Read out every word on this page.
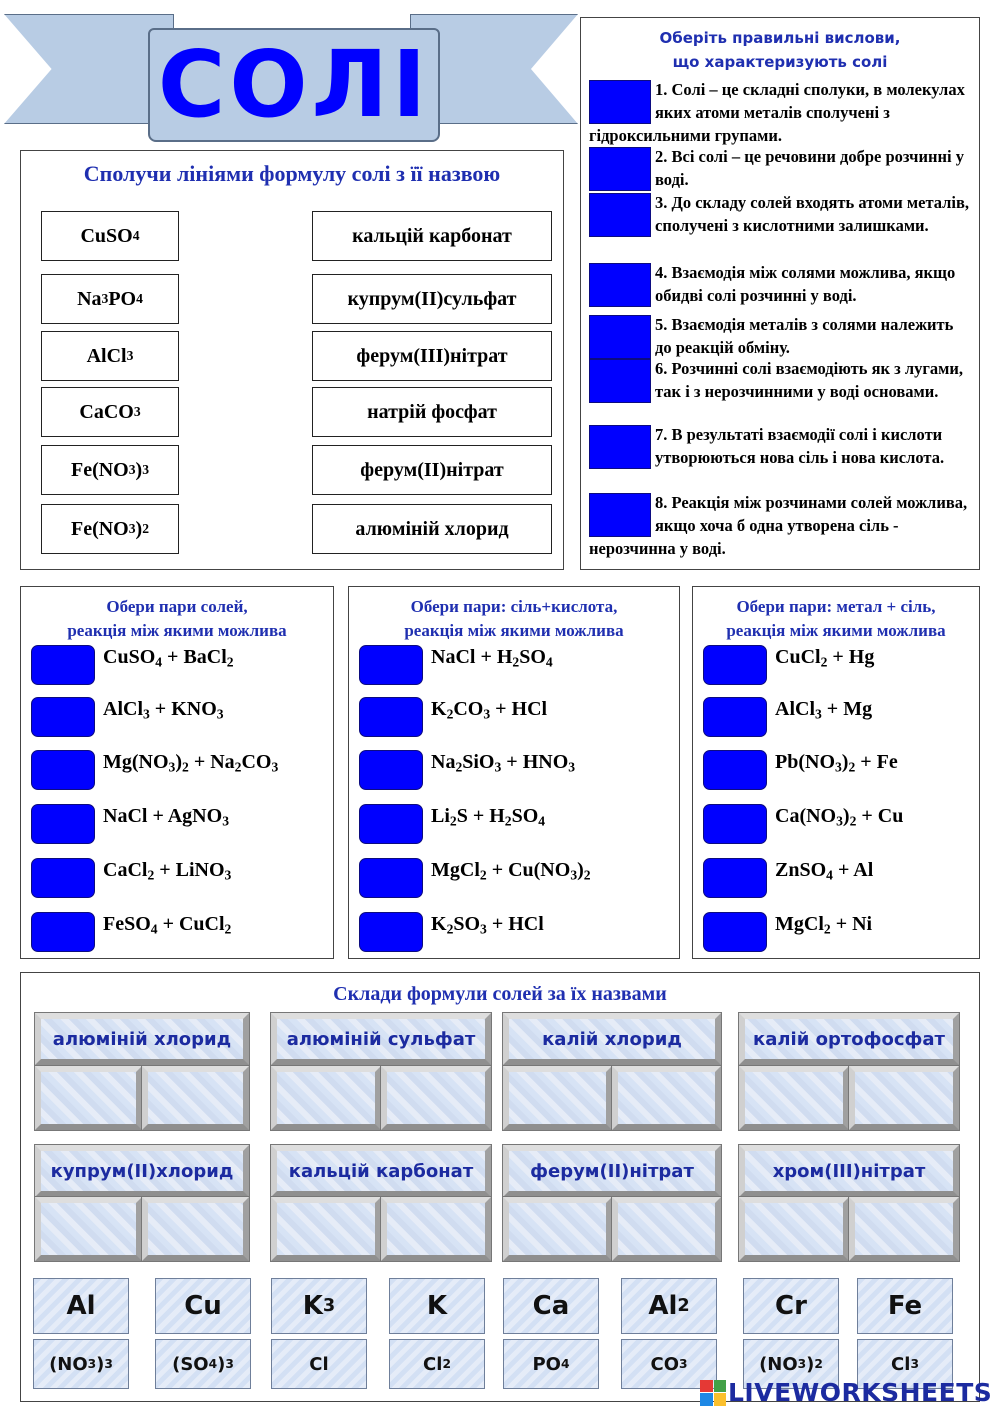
СОЛІ
Сполучи лініями формулу солі з її назвою
CuSO 4
Na 3 PO 4
AlCl 3
CaCO 3
Fe(NO 3 ) 3
Fe(NO 3 ) 2
кальцій карбонат
купрум(ІІ)сульфат
ферум(ІІІ)нітрат
натрій фосфат
ферум(ІІ)нітрат
алюміній хлорид
Оберіть правильні вислови,
що характеризують солі
1. Солі – це складні сполуки, в молекулах яких атоми металів сполучені з гідроксильними групами.
2. Всі солі – це речовини добре розчинні у воді.
3. До складу солей входять атоми металів, сполучені з кислотними залишками.
4. Взаємодія між солями можлива, якщо обидві солі розчинні у воді.
5. Взаємодія металів з солями належить до реакцій обміну.
6. Розчинні солі взаємодіють як з лугами, так і з нерозчинними у воді основами.
7. В результаті взаємодії солі і кислоти утворюються нова сіль і нова кислота.
8. Реакція між розчинами солей можлива, якщо хоча б одна утворена сіль - нерозчинна у воді.
Обери пари солей,
реакція між якими можлива
CuSO$_4$ + BaCl$_2$
AlCl$_3$ + $KNO_3$
$Mg(NO_3)_2 + Na_2CO_3$
NaCl + AgNO$_3$
CaCl$_2$ + LiNO$_3$
FeSO$_4$ + CuCl$_2$
Обери пари: сіль+кислота,
реакція між якими можлива
NaCl + $H_2SO_4$
$K_2CO_3$ + HCl
$Na_2SiO_3 + HNO_3$
$Li_2S + H_2SO_4$
MgCl$_2$ + $Cu(NO_3)_2$
$K_2SO_3$ + HCl
Обери пари: метал + сіль,
реакція між якими можлива
CuCl$_2$ + Hg
AlCl$_3$ + Mg
$Pb(NO_3)_2 + Fe$
$Ca(NO_3)_2 + Cu$
ZnSO$_4$ + Al
MgCl$_2$ + Ni
Склади формули солей за їх назвами
алюміній хлорид	алюміній сульфат	калій хлорид	калій ортофосфат
купрум(ІІ)хлорид	кальцій карбонат	ферум(ІІ)нітрат	хром(ІІІ)нітрат
Al	Cu	K 3	K	Ca	Al 2	Cr	Fe
(NO 3 ) 3	(SO 4 ) 3	Cl	Cl 2	PO 4	CO 3	(NO 3 ) 2	Cl 3
LIVEWORKSHEETS
